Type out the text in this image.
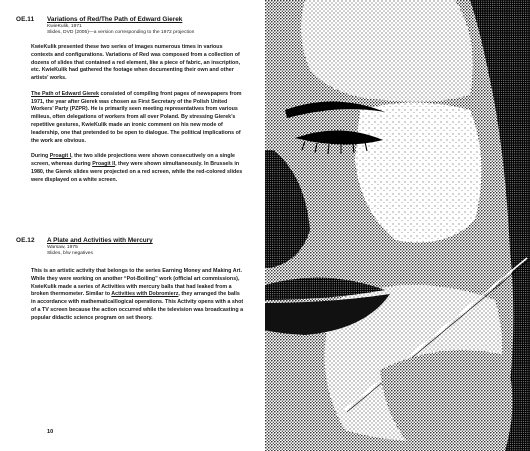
OE.11	Variations of Red/The Path of Edward Gierek
KwieKulik, 1971
Slides, DVD (2005)—a version corresponding to the 1972 projection

KwieKulik presented these two series of images numerous times in various contexts and configurations. Variations of Red was composed from a collection of dozens of slides that contained a red element, like a piece of fabric, an inscription, etc. KwieKulik had gathered the footage when documenting their own and other artists’ works.

The Path of Edward Gierek consisted of compiling front pages of newspapers from 1971, the year after Gierek was chosen as First Secretary of the Polish United Workers’ Party (PZPR). He is primarily seen meeting representatives from various milieus, often delegations of workers from all over Poland. By stressing Gierek’s repetitive gestures, KwieKulik made an ironic comment on his new mode of leadership, one that pretended to be open to dialogue. The political implications of the work are obvious.

During Proagit I, the two slide projections were shown consecutively on a single screen, whereas during Proagit II, they were shown simultaneously. In Brussels in 1980, the Gierek slides were projected on a red screen, while the red-colored slides were displayed on a white screen.

OE.12	A Plate and Activities with Mercury
Warsaw, 1975
Slides, b/w negatives

This is an artistic activity that belongs to the series Earning Money and Making Art. While they were working on another “Pot-Boiling” work (official art commissions), KwieKulik made a series of Activities with mercury balls that had leaked from a broken thermometer. Similar to Activities with Dobromierz, they arranged the balls in accordance with mathematical/logical operations. This Activity opens with a shot of a TV screen because the action occurred while the television was broadcasting a popular didactic science program on set theory.

10
